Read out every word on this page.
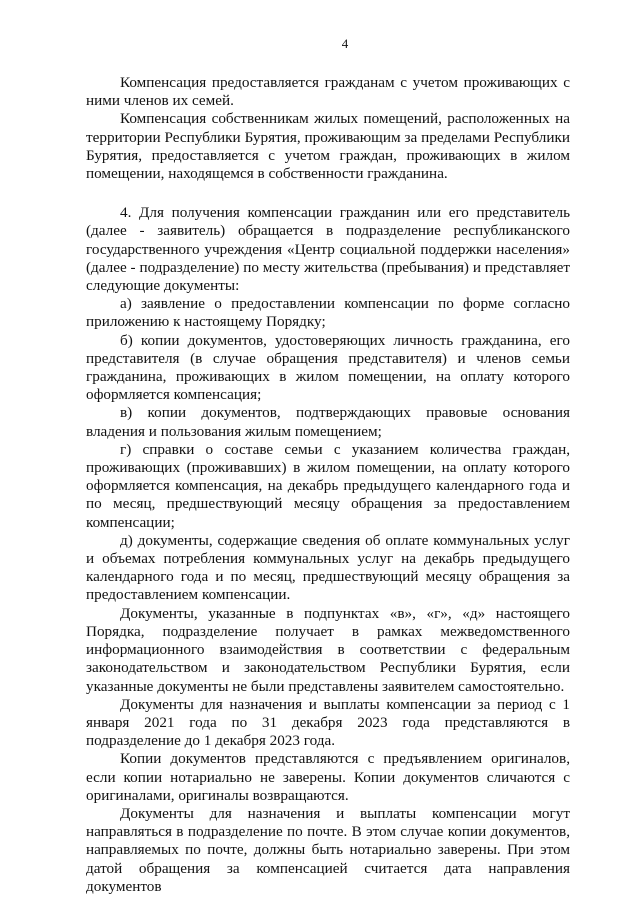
4

Компенсация предоставляется гражданам с учетом проживающих с ними членов их семей.

Компенсация собственникам жилых помещений, расположенных на территории Республики Бурятия, проживающим за пределами Республики Бурятия, предоставляется с учетом граждан, проживающих в жилом помещении, находящемся в собственности гражданина.

4. Для получения компенсации гражданин или его представитель (далее - заявитель) обращается в подразделение республиканского государственного учреждения «Центр социальной поддержки населения» (далее - подразделение) по месту жительства (пребывания) и представляет следующие документы:

а) заявление о предоставлении компенсации по форме согласно приложению к настоящему Порядку;

б) копии документов, удостоверяющих личность гражданина, его представителя (в случае обращения представителя) и членов семьи гражданина, проживающих в жилом помещении, на оплату которого оформляется компенсация;

в) копии документов, подтверждающих правовые основания владения и пользования жилым помещением;

г) справки о составе семьи с указанием количества граждан, проживающих (проживавших) в жилом помещении, на оплату которого оформляется компенсация, на декабрь предыдущего календарного года и по месяц, предшествующий месяцу обращения за предоставлением компенсации;

д) документы, содержащие сведения об оплате коммунальных услуг и объемах потребления коммунальных услуг на декабрь предыдущего календарного года и по месяц, предшествующий месяцу обращения за предоставлением компенсации.

Документы, указанные в подпунктах «в», «г», «д» настоящего Порядка, подразделение получает в рамках межведомственного информационного взаимодействия в соответствии с федеральным законодательством и законодательством Республики Бурятия, если указанные документы не были представлены заявителем самостоятельно.

Документы для назначения и выплаты компенсации за период с 1 января 2021 года по 31 декабря 2023 года представляются в подразделение до 1 декабря 2023 года.

Копии документов представляются с предъявлением оригиналов, если копии нотариально не заверены. Копии документов сличаются с оригиналами, оригиналы возвращаются.

Документы для назначения и выплаты компенсации могут направляться в подразделение по почте. В этом случае копии документов, направляемых по почте, должны быть нотариально заверены. При этом датой обращения за компенсацией считается дата направления документов
